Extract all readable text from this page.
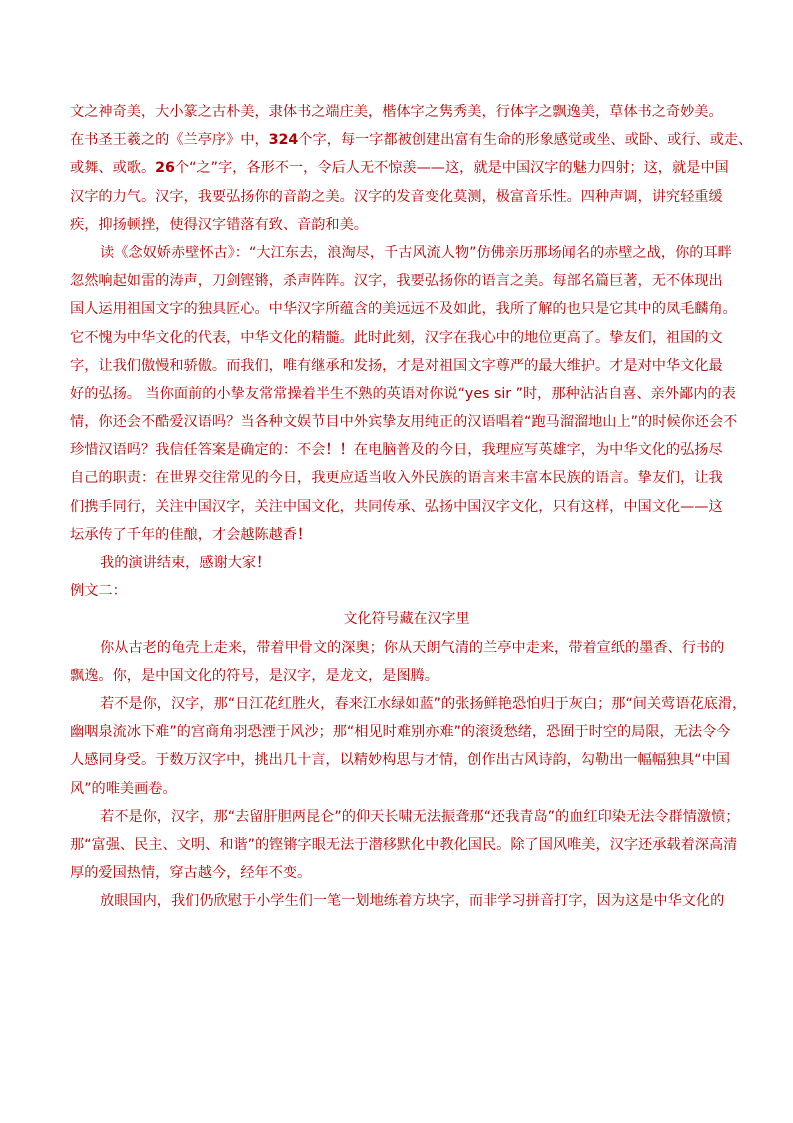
文之神奇美，大小篆之古朴美，隶体书之端庄美，楷体字之隽秀美，行体字之飘逸美，草体书之奇妙美。
在书圣王羲之的《兰亭序》中，324个字，每一字都被创建出富有生命的形象感觉或坐、或卧、或行、或走、
或舞、或歌。26个“之”字，各形不一，令后人无不惊羡——这，就是中国汉字的魅力四射；这，就是中国
汉字的力气。汉字，我要弘扬你的音韵之美。汉字的发音变化莫测，极富音乐性。四种声调，讲究轻重缓
疾，抑扬顿挫，使得汉字错落有致、音韵和美。
读《念奴娇赤壁怀古》：“大江东去，浪淘尽，千古风流人物”仿佛亲历那场闻名的赤壁之战，你的耳畔
忽然响起如雷的涛声，刀剑铿锵，杀声阵阵。汉字，我要弘扬你的语言之美。每部名篇巨著，无不体现出
国人运用祖国文字的独具匠心。中华汉字所蕴含的美远远不及如此，我所了解的也只是它其中的凤毛麟角。
它不愧为中华文化的代表，中华文化的精髓。此时此刻，汉字在我心中的地位更高了。挚友们，祖国的文
字，让我们傲慢和骄傲。而我们，唯有继承和发扬，才是对祖国文字尊严的最大维护。才是对中华文化最
好的弘扬。 当你面前的小挚友常常操着半生不熟的英语对你说“yes sir ”时，那种沾沾自喜、亲外鄙内的表
情，你还会不酷爱汉语吗？当各种文娱节目中外宾挚友用纯正的汉语唱着“跑马溜溜地山上”的时候你还会不
珍惜汉语吗？我信任答案是确定的：不会！！在电脑普及的今日，我理应写英雄字，为中华文化的弘扬尽
自己的职责：在世界交往常见的今日，我更应适当收入外民族的语言来丰富本民族的语言。挚友们，让我
们携手同行，关注中国汉字，关注中国文化，共同传承、弘扬中国汉字文化，只有这样，中国文化——这
坛承传了千年的佳酿，才会越陈越香！
我的演讲结束，感谢大家！
例文二：
文化符号藏在汉字里
你从古老的龟壳上走来，带着甲骨文的深奥；你从天朗气清的兰亭中走来，带着宣纸的墨香、行书的
飘逸。你，是中国文化的符号，是汉字，是龙文，是图腾。
若不是你，汉字，那“日江花红胜火，春来江水绿如蓝”的张扬鲜艳恐怕归于灰白；那“间关莺语花底滑，
幽咽泉流冰下难”的宫商角羽恐湮于风沙；那“相见时难别亦难”的滚烫愁绪，恐囿于时空的局限，无法令今
人感同身受。于数万汉字中，挑出几十言，以精妙构思与才情，创作出古风诗韵，勾勒出一幅幅独具“中国
风”的唯美画卷。
若不是你，汉字，那“去留肝胆两昆仑”的仰天长啸无法振聋那“还我青岛”的血红印染无法令群情激愤；
那“富强、民主、文明、和谐”的铿锵字眼无法于潜移默化中教化国民。除了国风唯美，汉字还承载着深高清
厚的爱国热情，穿古越今，经年不变。
放眼国内，我们仍欣慰于小学生们一笔一划地练着方块字，而非学习拼音打字，因为这是中华文化的
